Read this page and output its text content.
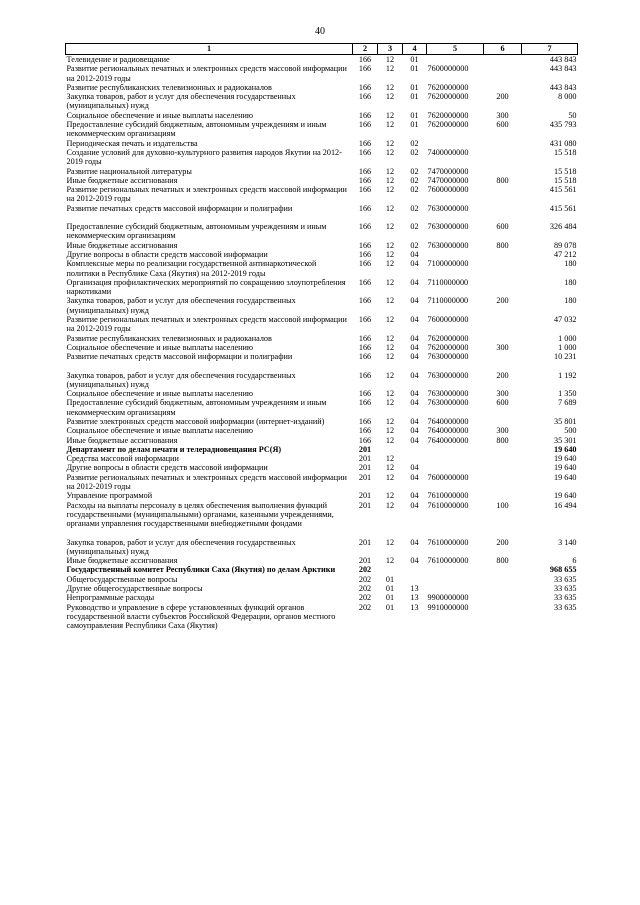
40
1	2	3	4	5	6	7
Телевидение и радиовещание	166	12	01			443 843
Развитие региональных печатных и электронных средств массовой информации на 2012-2019 годы	166	12	01	7600000000		443 843
Развитие республиканских телевизионных и радиоканалов	166	12	01	7620000000		443 843
Закупка товаров, работ и услуг для обеспечения государственных (муниципальных) нужд	166	12	01	7620000000	200	8 000
Социальное обеспечение и иные выплаты населению	166	12	01	7620000000	300	50
Предоставление субсидий бюджетным, автономным учреждениям и иным некоммерческим организациям	166	12	01	7620000000	600	435 793
Периодическая печать и издательства	166	12	02			431 080
Создание условий для духовно-культурного развития народов Якутии на 2012-2019 годы	166	12	02	7400000000		15 518
Развитие национальной литературы	166	12	02	7470000000		15 518
Иные бюджетные ассигнования	166	12	02	7470000000	800	15 518
Развитие региональных печатных и электронных средств массовой информации на 2012-2019 годы	166	12	02	7600000000		415 561
Развитие печатных средств массовой информации и полиграфии	166	12	02	7630000000		415 561
Предоставление субсидий бюджетным, автономным учреждениям и иным некоммерческим организациям	166	12	02	7630000000	600	326 484
Иные бюджетные ассигнования	166	12	02	7630000000	800	89 078
Другие вопросы в области средств массовой информации	166	12	04			47 212
Комплексные меры по реализации государственной антинаркотической политики в Республике Саха (Якутия) на 2012-2019 годы	166	12	04	7100000000		180
Организация профилактических мероприятий по сокращению злоупотребления наркотиками	166	12	04	7110000000		180
Закупка товаров, работ и услуг для обеспечения государственных (муниципальных) нужд	166	12	04	7110000000	200	180
Развитие региональных печатных и электронных средств массовой информации на 2012-2019 годы	166	12	04	7600000000		47 032
Развитие республиканских телевизионных и радиоканалов	166	12	04	7620000000		1 000
Социальное обеспечение и иные выплаты населению	166	12	04	7620000000	300	1 000
Развитие печатных средств массовой информации и полиграфии	166	12	04	7630000000		10 231
Закупка товаров, работ и услуг для обеспечения государственных (муниципальных) нужд	166	12	04	7630000000	200	1 192
Социальное обеспечение и иные выплаты населению	166	12	04	7630000000	300	1 350
Предоставление субсидий бюджетным, автономным учреждениям и иным некоммерческим организациям	166	12	04	7630000000	600	7 689
Развитие электронных средств массовой информации (интернет-изданий)	166	12	04	7640000000		35 801
Социальное обеспечение и иные выплаты населению	166	12	04	7640000000	300	500
Иные бюджетные ассигнования	166	12	04	7640000000	800	35 301
Департамент по делам печати и телерадиовещания РС(Я)	201					19 640
Средства массовой информации	201	12				19 640
Другие вопросы в области средств массовой информации	201	12	04			19 640
Развитие региональных печатных и электронных средств массовой информации на 2012-2019 годы	201	12	04	7600000000		19 640
Управление программой	201	12	04	7610000000		19 640
Расходы на выплаты персоналу в целях обеспечения выполнения функций государственными (муниципальными) органами, казенными учреждениями, органами управления государственными внебюджетными фондами	201	12	04	7610000000	100	16 494
Закупка товаров, работ и услуг для обеспечения государственных (муниципальных) нужд	201	12	04	7610000000	200	3 140
Иные бюджетные ассигнования	201	12	04	7610000000	800	6
Государственный комитет Республики Саха (Якутия) по делам Арктики	202					968 655
Общегосударственные вопросы	202	01				33 635
Другие общегосударственные вопросы	202	01	13			33 635
Непрограммные расходы	202	01	13	9900000000		33 635
Руководство и управление в сфере установленных функций органов государственной власти субъектов Российской Федерации, органов местного самоуправления Республики Саха (Якутия)	202	01	13	9910000000		33 635
